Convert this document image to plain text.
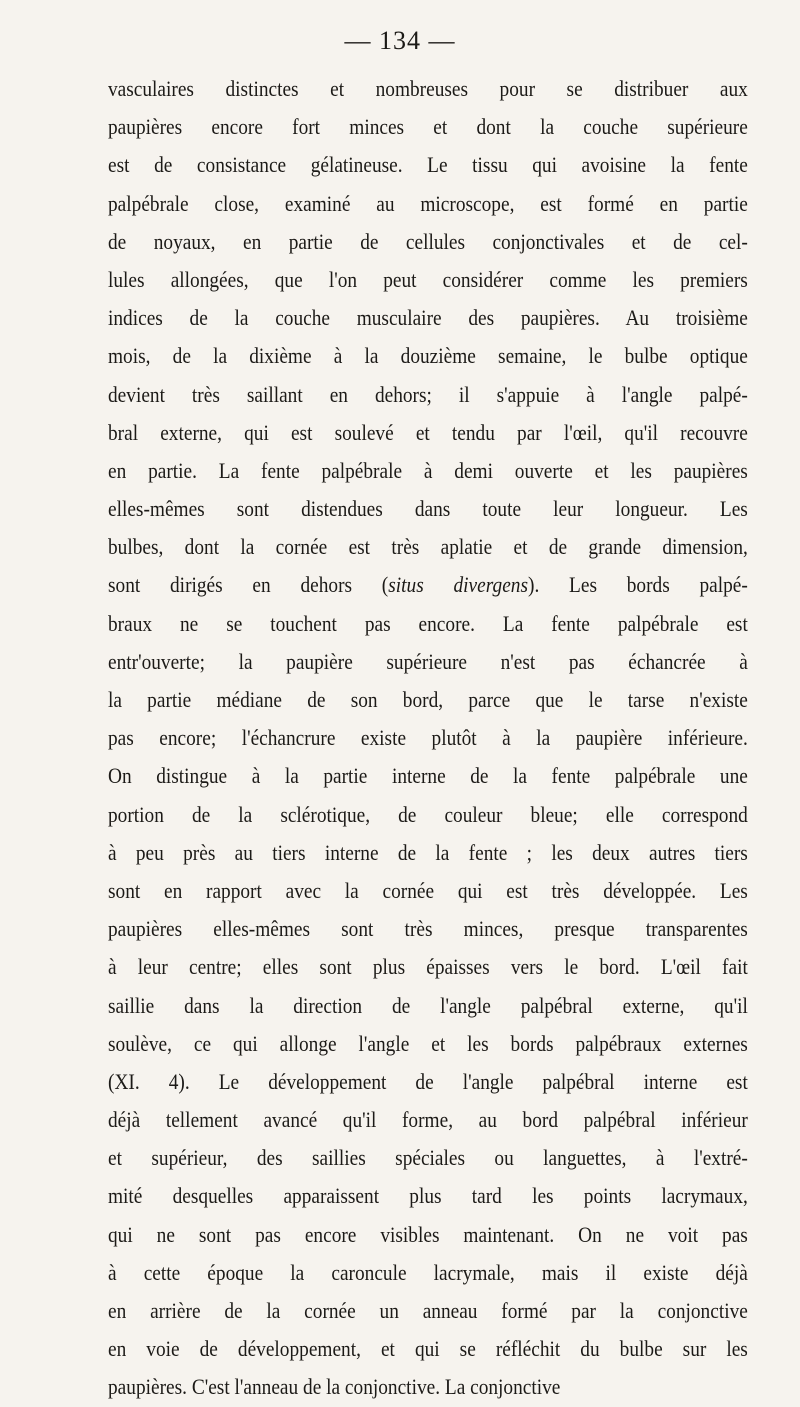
— 134 —
vasculaires distinctes et nombreuses pour se distribuer aux
paupières encore fort minces et dont la couche supérieure
est de consistance gélatineuse. Le tissu qui avoisine la fente
palpébrale close, examiné au microscope, est formé en partie
de noyaux, en partie de cellules conjonctivales et de cel-
lules allongées, que l'on peut considérer comme les premiers
indices de la couche musculaire des paupières. Au troisième
mois, de la dixième à la douzième semaine, le bulbe optique
devient très saillant en dehors; il s'appuie à l'angle palpé-
bral externe, qui est soulevé et tendu par l'œil, qu'il recouvre
en partie. La fente palpébrale à demi ouverte et les paupières
elles-mêmes sont distendues dans toute leur longueur. Les
bulbes, dont la cornée est très aplatie et de grande dimension,
sont dirigés en dehors (situs divergens). Les bords palpé-
braux ne se touchent pas encore. La fente palpébrale est
entr'ouverte; la paupière supérieure n'est pas échancrée à
la partie médiane de son bord, parce que le tarse n'existe
pas encore; l'échancrure existe plutôt à la paupière inférieure.
On distingue à la partie interne de la fente palpébrale une
portion de la sclérotique, de couleur bleue; elle correspond
à peu près au tiers interne de la fente ; les deux autres tiers
sont en rapport avec la cornée qui est très développée. Les
paupières elles-mêmes sont très minces, presque transparentes
à leur centre; elles sont plus épaisses vers le bord. L'œil fait
saillie dans la direction de l'angle palpébral externe, qu'il
soulève, ce qui allonge l'angle et les bords palpébraux externes
(XI. 4). Le développement de l'angle palpébral interne est
déjà tellement avancé qu'il forme, au bord palpébral inférieur
et supérieur, des saillies spéciales ou languettes, à l'extré-
mité desquelles apparaissent plus tard les points lacrymaux,
qui ne sont pas encore visibles maintenant. On ne voit pas
à cette époque la caroncule lacrymale, mais il existe déjà
en arrière de la cornée un anneau formé par la conjonctive
en voie de développement, et qui se réfléchit du bulbe sur les
paupières. C'est l'anneau de la conjonctive. La conjonctive
